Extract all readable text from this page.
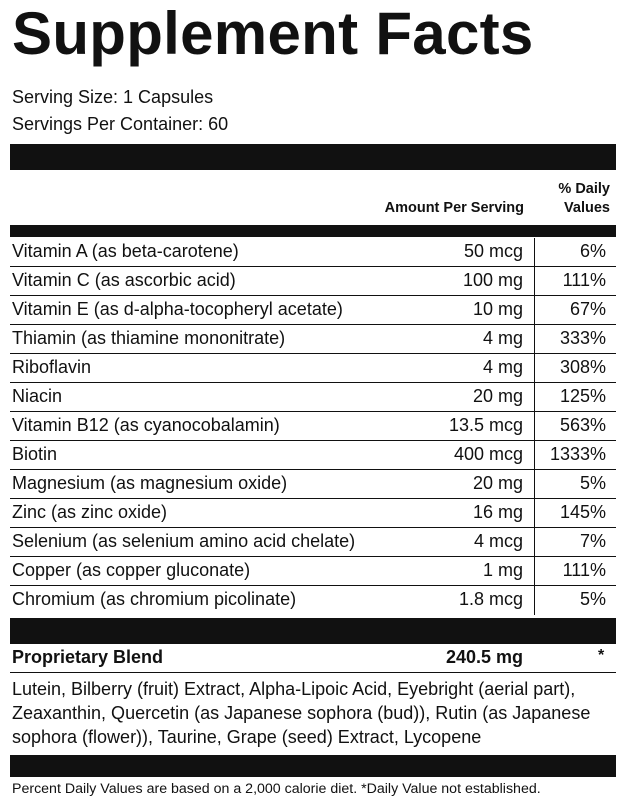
Supplement Facts
Serving Size: 1 Capsules
Servings Per Container: 60
Amount Per Serving
% Daily
Values
Vitamin A (as beta-carotene)	50 mcg	6%
Vitamin C (as ascorbic acid)	100 mg 111%
Vitamin E (as d-alpha-tocopheryl acetate)	10 mg	67%
Thiamin (as thiamine mononitrate)	4 mg 333%
Riboflavin	4 mg 308%
Niacin	20 mg 125%
Vitamin B12 (as cyanocobalamin)	13.5 mcg 563%
Biotin	400 mcg 1333%
Magnesium (as magnesium oxide)	20 mg	5%
Zinc (as zinc oxide)	16 mg 145%
Selenium (as selenium amino acid chelate)	4 mcg	7%
Copper (as copper gluconate)	1 mg 111%
Chromium (as chromium picolinate)	1.8 mcg	5%
Proprietary Blend	240.5 mg	*
Lutein, Bilberry (fruit) Extract, Alpha-Lipoic Acid, Eyebright (aerial part), Zeaxanthin, Quercetin (as Japanese sophora (bud)), Rutin (as Japanese sophora (flower)), Taurine, Grape (seed) Extract, Lycopene
Percent Daily Values are based on a 2,000 calorie diet. *Daily Value not established.
